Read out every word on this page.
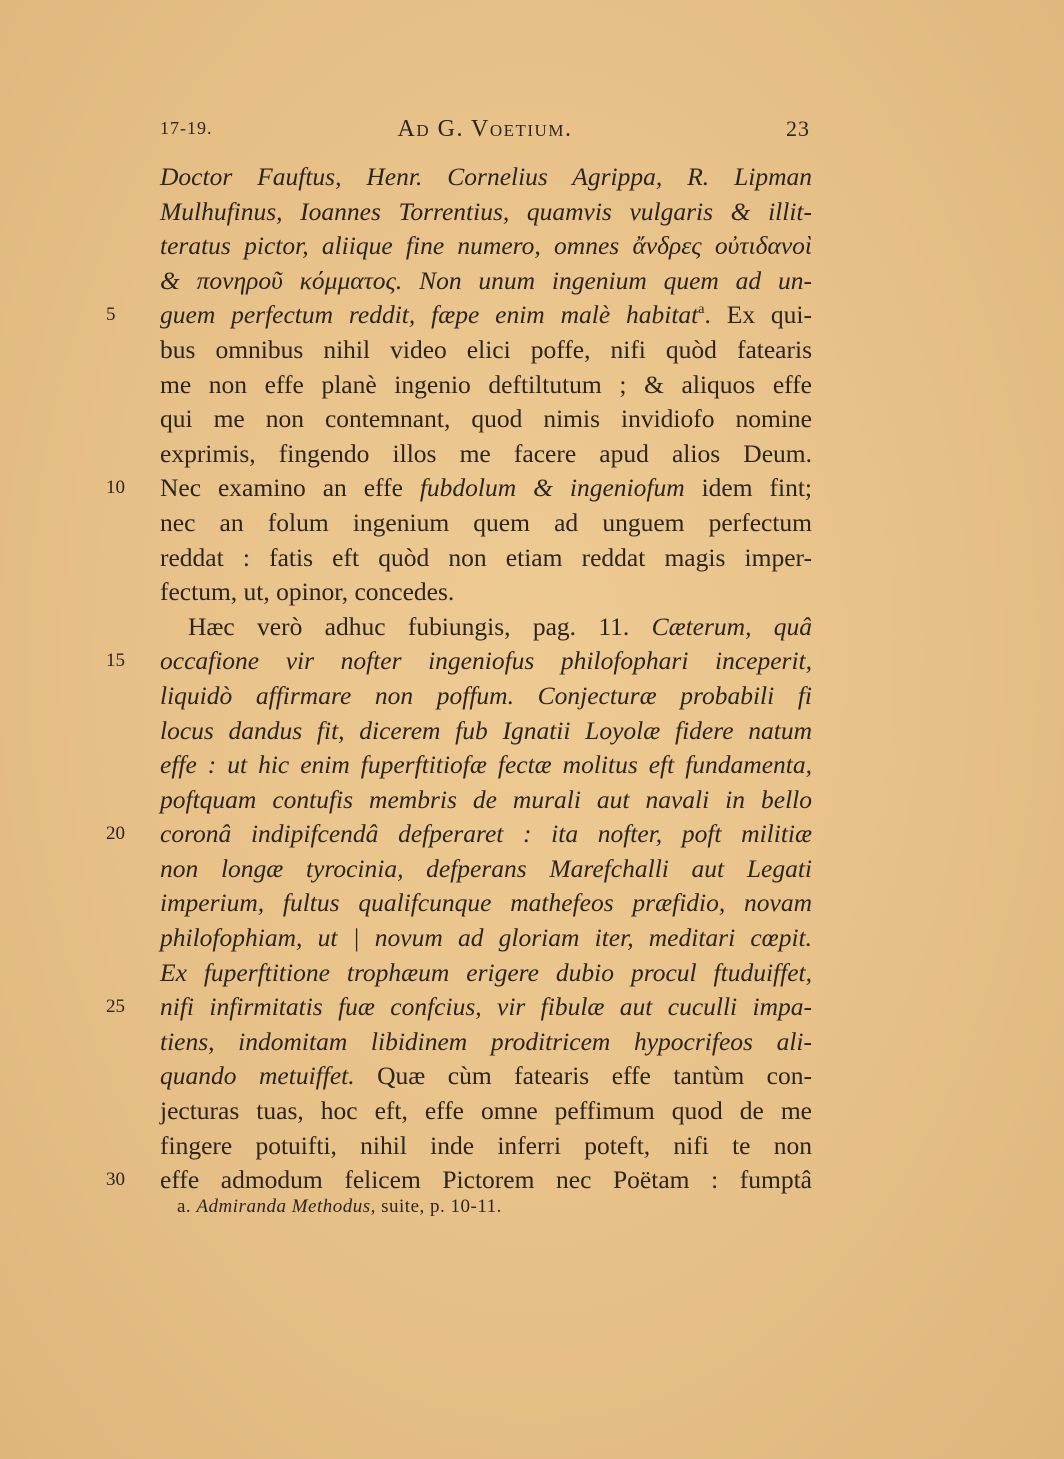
17-19.	Ad G. Voetium.	23
Doctor Fauftus, Henr. Cornelius Agrippa, R. Lipman
Mulhufinus, Ioannes Torrentius, quamvis vulgaris & illit-
teratus pictor, aliique fine numero, omnes ἄνδρες οὐτιδανοὶ
& πονηροῦ κόμματος. Non unum ingenium quem ad un-
5	guem perfectum reddit, fæpe enim malè habitat$^a$. Ex qui-
bus omnibus nihil video elici poffe, nifi quòd fatearis
me non effe planè ingenio deftiltutum ; & aliquos effe
qui me non contemnant, quod nimis invidiofo nomine
exprimis, fingendo illos me facere apud alios Deum.
10	Nec examino an effe fubdolum & ingeniofum idem fint;
nec an folum ingenium quem ad unguem perfectum
reddat : fatis eft quòd non etiam reddat magis imper-
fectum, ut, opinor, concedes.
Hæc verò adhuc fubiungis, pag. 11. Cæterum, quâ
15	occafione vir nofter ingeniofus philofophari inceperit,
liquidò affirmare non poffum. Conjecturæ probabili fi
locus dandus fit, dicerem fub Ignatii Loyolæ fidere natum
effe : ut hic enim fuperftitiofæ fectæ molitus eft fundamenta,
poftquam contufis membris de murali aut navali in bello
20	coronâ indipifcendâ defperaret : ita nofter, poft militiæ
non longæ tyrocinia, defperans Marefchalli aut Legati
imperium, fultus qualifcunque mathefeos præfidio, novam
philofophiam, ut | novum ad gloriam iter, meditari cœpit.
Ex fuperftitione trophæum erigere dubio procul ftuduiffet,
25	nifi infirmitatis fuæ confcius, vir fibulæ aut cuculli impa-
tiens, indomitam libidinem proditricem hypocrifeos ali-
quando metuiffet. Quæ cùm fatearis effe tantùm con-
jecturas tuas, hoc eft, effe omne peffimum quod de me
fingere potuifti, nihil inde inferri poteft, nifi te non
30	effe admodum felicem Pictorem nec Poëtam : fumptâ
a. Admiranda Methodus, suite, p. 10-11.
